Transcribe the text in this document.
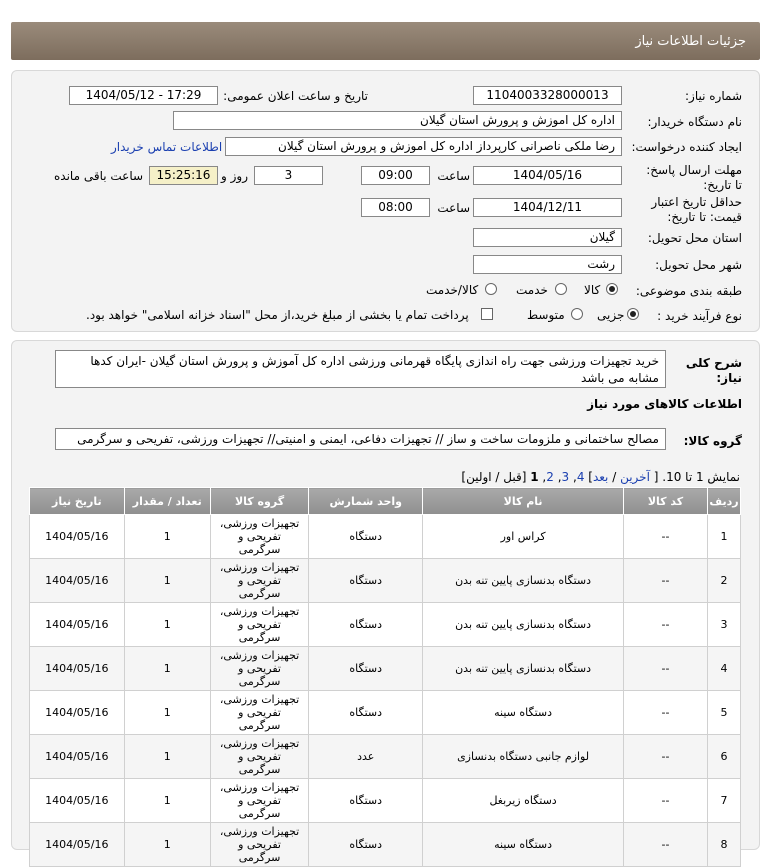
جزئیات اطلاعات نیاز
شماره نیاز:
1104003328000013
تاریخ و ساعت اعلان عمومی:
1404/05/12 - 17:29
نام دستگاه خریدار:
اداره کل اموزش و پرورش استان گیلان
ایجاد کننده درخواست:
رضا ملکی ناصرانی کارپرداز اداره کل اموزش و پرورش استان گیلان
اطلاعات تماس خریدار
مهلت ارسال پاسخ: تا تاریخ:
1404/05/16
ساعت
09:00
3
روز و
15:25:16
ساعت باقی مانده
حداقل تاریخ اعتبار قیمت: تا تاریخ:
1404/12/11
ساعت
08:00
استان محل تحویل:
گیلان
شهر محل تحویل:
رشت
طبقه بندی موضوعی:
کالا
خدمت
کالا/خدمت
نوع فرآیند خرید :
جزیی
متوسط
پرداخت تمام یا بخشی از مبلغ خرید،از محل "اسناد خزانه اسلامی" خواهد بود.
شرح کلی نیاز:
خرید تجهیزات ورزشی جهت راه اندازی پایگاه قهرمانی ورزشی اداره کل آموزش و پرورش استان گیلان -ایران کدها مشابه می باشد
اطلاعات کالاهای مورد نیاز
گروه کالا:
مصالح ساختمانی و ملزومات ساخت و ساز // تجهیزات دفاعی، ایمنی و امنیتی// تجهیزات ورزشی، تفریحی و سرگرمی
نمایش 1 تا 10. [ آخرین / بعد] 4, 3, 2, 1 [قبل / اولین]
ردیف	کد کالا	نام کالا	واحد شمارش	گروه کالا	تعداد / مقدار	تاریخ نیاز
1	--	کراس اور	دستگاه	تجهیزات ورزشی، تفریحی و سرگرمی	1	1404/05/16
2	--	دستگاه بدنسازی پایین تنه بدن	دستگاه	تجهیزات ورزشی، تفریحی و سرگرمی	1	1404/05/16
3	--	دستگاه بدنسازی پایین تنه بدن	دستگاه	تجهیزات ورزشی، تفریحی و سرگرمی	1	1404/05/16
4	--	دستگاه بدنسازی پایین تنه بدن	دستگاه	تجهیزات ورزشی، تفریحی و سرگرمی	1	1404/05/16
5	--	دستگاه سینه	دستگاه	تجهیزات ورزشی، تفریحی و سرگرمی	1	1404/05/16
6	--	لوازم جانبی دستگاه بدنسازی	عدد	تجهیزات ورزشی، تفریحی و سرگرمی	1	1404/05/16
7	--	دستگاه زیربغل	دستگاه	تجهیزات ورزشی، تفریحی و سرگرمی	1	1404/05/16
8	--	دستگاه سینه	دستگاه	تجهیزات ورزشی، تفریحی و سرگرمی	1	1404/05/16
